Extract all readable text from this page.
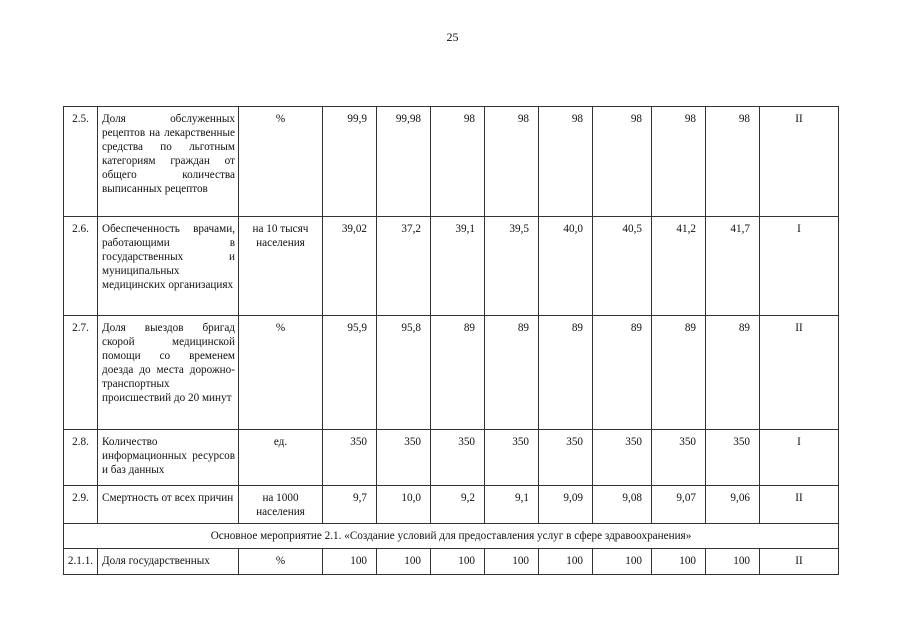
25
2.5.	Доля обслуженных рецептов на лекарственные средства по льготным категориям граждан от общего количества выписанных рецептов	%	99,9	99,98	98	98	98	98	98	98	II
2.6.	Обеспеченность врачами, работающими в государственных и муниципальных медицинских организациях	на 10 тысяч населения	39,02	37,2	39,1	39,5	40,0	40,5	41,2	41,7	I
2.7.	Доля выездов бригад скорой медицинской помощи со временем доезда до места дорожно-транспортных происшествий до 20 минут	%	95,9	95,8	89	89	89	89	89	89	II
2.8.	Количество информационных ресурсов и баз данных	ед.	350	350	350	350	350	350	350	350	I
2.9.	Смертность от всех причин	на 1000 населения	9,7	10,0	9,2	9,1	9,09	9,08	9,07	9,06	II
Основное мероприятие 2.1. «Создание условий для предоставления услуг в сфере здравоохранения»											
2.1.1.	Доля государственных	%	100	100	100	100	100	100	100	100	II
